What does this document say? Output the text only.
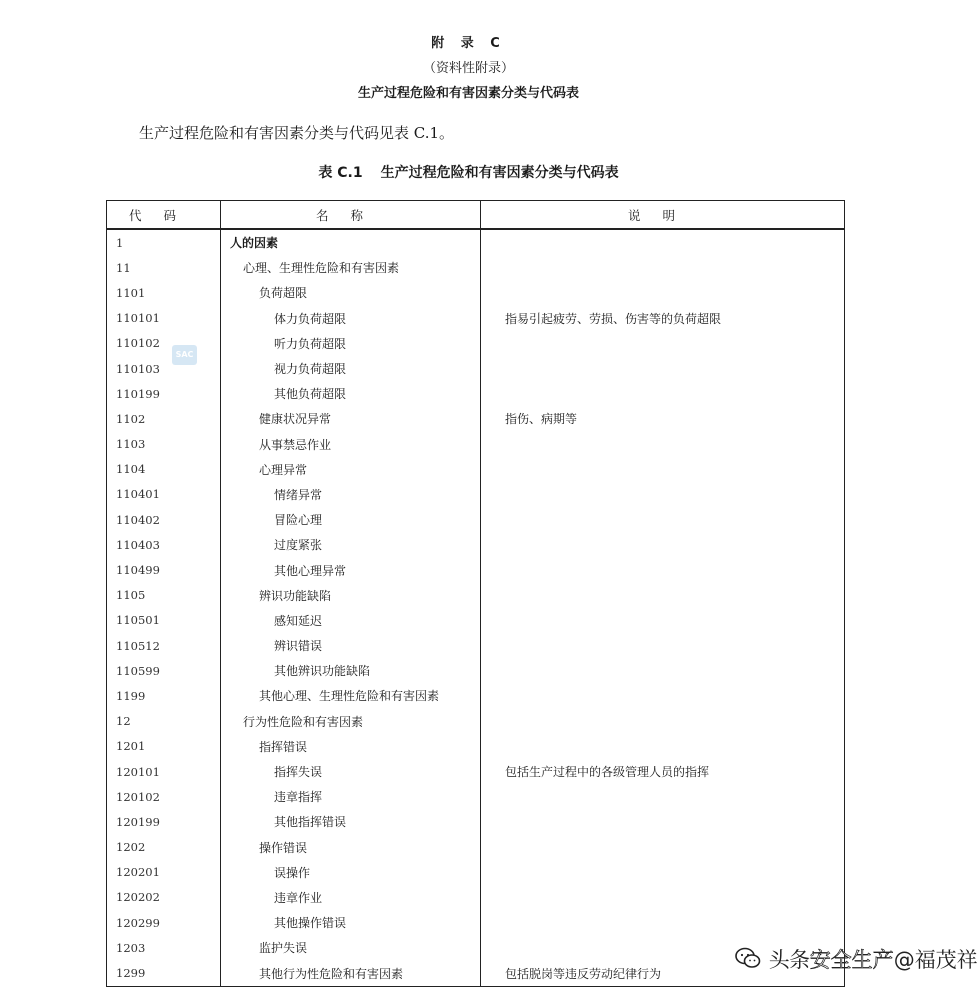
附 录 C
（资料性附录）
生产过程危险和有害因素分类与代码表
生产过程危险和有害因素分类与代码见表 C.1。
表 C.1 生产过程危险和有害因素分类与代码表
代码	名称	说明
1	人的因素	
11	心理、生理性危险和有害因素	
1101	负荷超限	
110101	体力负荷超限	指易引起疲劳、劳损、伤害等的负荷超限
110102	听力负荷超限	
110103	视力负荷超限	
110199	其他负荷超限	
1102	健康状况异常	指伤、病期等
1103	从事禁忌作业	
1104	心理异常	
110401	情绪异常	
110402	冒险心理	
110403	过度紧张	
110499	其他心理异常	
1105	辨识功能缺陷	
110501	感知延迟	
110512	辨识错误	
110599	其他辨识功能缺陷	
1199	其他心理、生理性危险和有害因素	
12	行为性危险和有害因素	
1201	指挥错误	
120101	指挥失误	包括生产过程中的各级管理人员的指挥
120102	违章指挥	
120199	其他指挥错误	
1202	操作错误	
120201	误操作	
120202	违章作业	
120299	其他操作错误	
1203	监护失误	
1299	其他行为性危险和有害因素	包括脱岗等违反劳动纪律行为
SAC
头条安全生产@福茂祥
